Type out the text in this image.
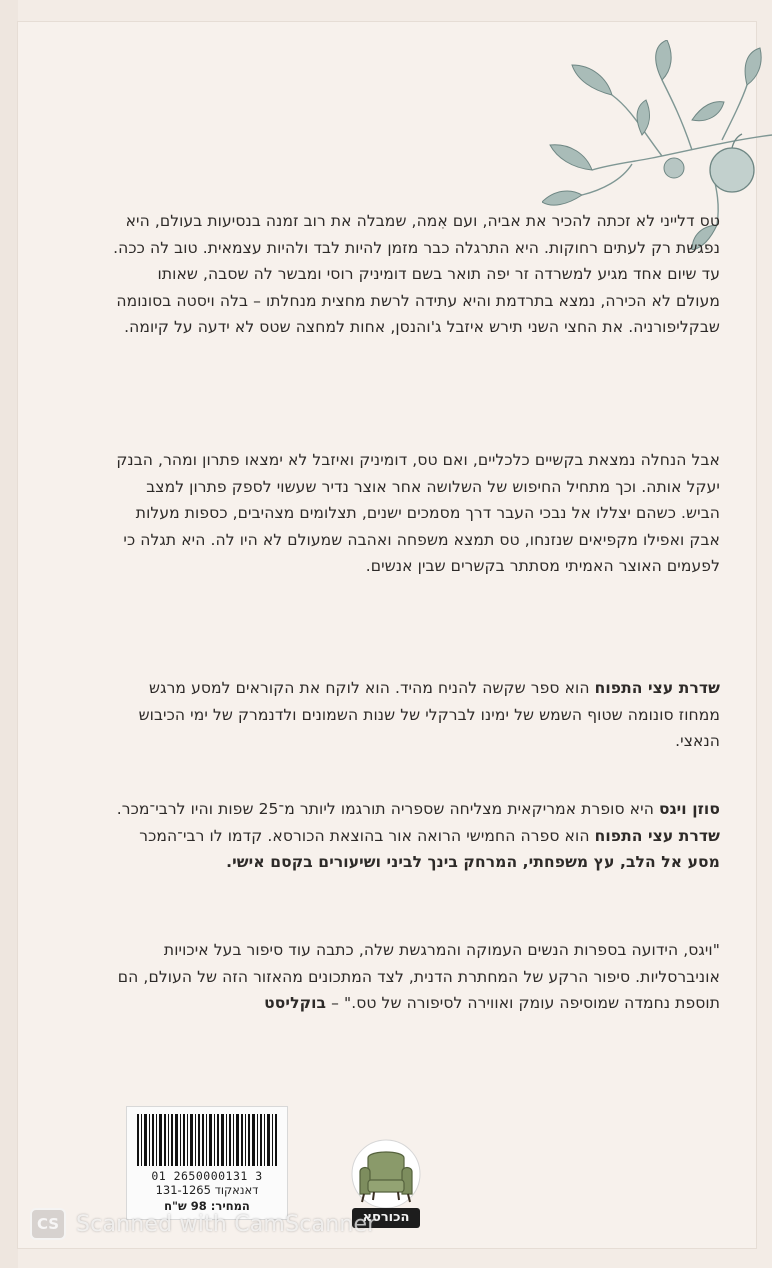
טס דלייני לא זכתה להכיר את אביה, ועם אִמה, שמבלה את רוב זמנה בנסיעות בעולם, היא נפגשת רק לעתים רחוקות. היא התרגלה כבר מזמן להיות לבד ולהיות עצמאית. טוב לה ככה. עד שיום אחד מגיע למשרדה זר יפה תואר בשם דומיניק רוסי ומבשר לה שסבה, שאותו מעולם לא הכירה, נמצא בתרדמת והיא עתידה לרשת מחצית מנחלתו – בלה ויסטה בסונומה שבקליפורניה. את החצי השני תירש איזבל ג'והנסן, אחות למחצה שטס לא ידעה על קיומה.
אבל הנחלה נמצאת בקשיים כלכליים, ואם טס, דומיניק ואיזבל לא ימצאו פתרון ומהר, הבנק יעקל אותה. וכך מתחיל החיפוש של השלושה אחר אוצר נדיר שעשוי לספק פתרון למצב הביש. כשהם יצללו אל נבכי העבר דרך מסמכים ישנים, תצלומים מצהיבים, כספות מעלות אבק ואפילו מקפיאים שנזנחו, טס תמצא משפחה ואהבה שמעולם לא היו לה. היא תגלה כי לפעמים האוצר האמיתי מסתתר בקשרים שבין אנשים.
שדרת עצי התפוח הוא ספר שקשה להניח מהיד. הוא לוקח את הקוראים למסע מרגש ממחוז סונומה שטוף השמש של ימינו לברקלי של שנות השמונים ולדנמרק של ימי הכיבוש הנאצי.
סוזן ויגס היא סופרת אמריקאית מצליחה שספריה תורגמו ליותר מ־25 שפות והיו לרבי־מכר. שדרת עצי התפוח הוא ספרה החמישי הרואה אור בהוצאת הכורסא. קדמו לו רבי־המכר מסע אל הלב, עץ משפחתי, המרחק בינך לביני ושיעורים בקסם אישי.
"ויגס, הידועה בספרות הנשים העמוקה והמרגשת שלה, כתבה עוד סיפור בעל איכויות אוניברסליות. סיפור הרקע של המחתרת הדנית, לצד המתכונים מהאזור הזה של העולם, הם תוספת נחמדה שמוסיפה עומק ואווירה לסיפורה של טס." – בוקליסט
01 2650000131 3
דאנאקוד 131-1265
המחיר: 98 ש"ח
הכורסא
CS Scanned with CamScanner
